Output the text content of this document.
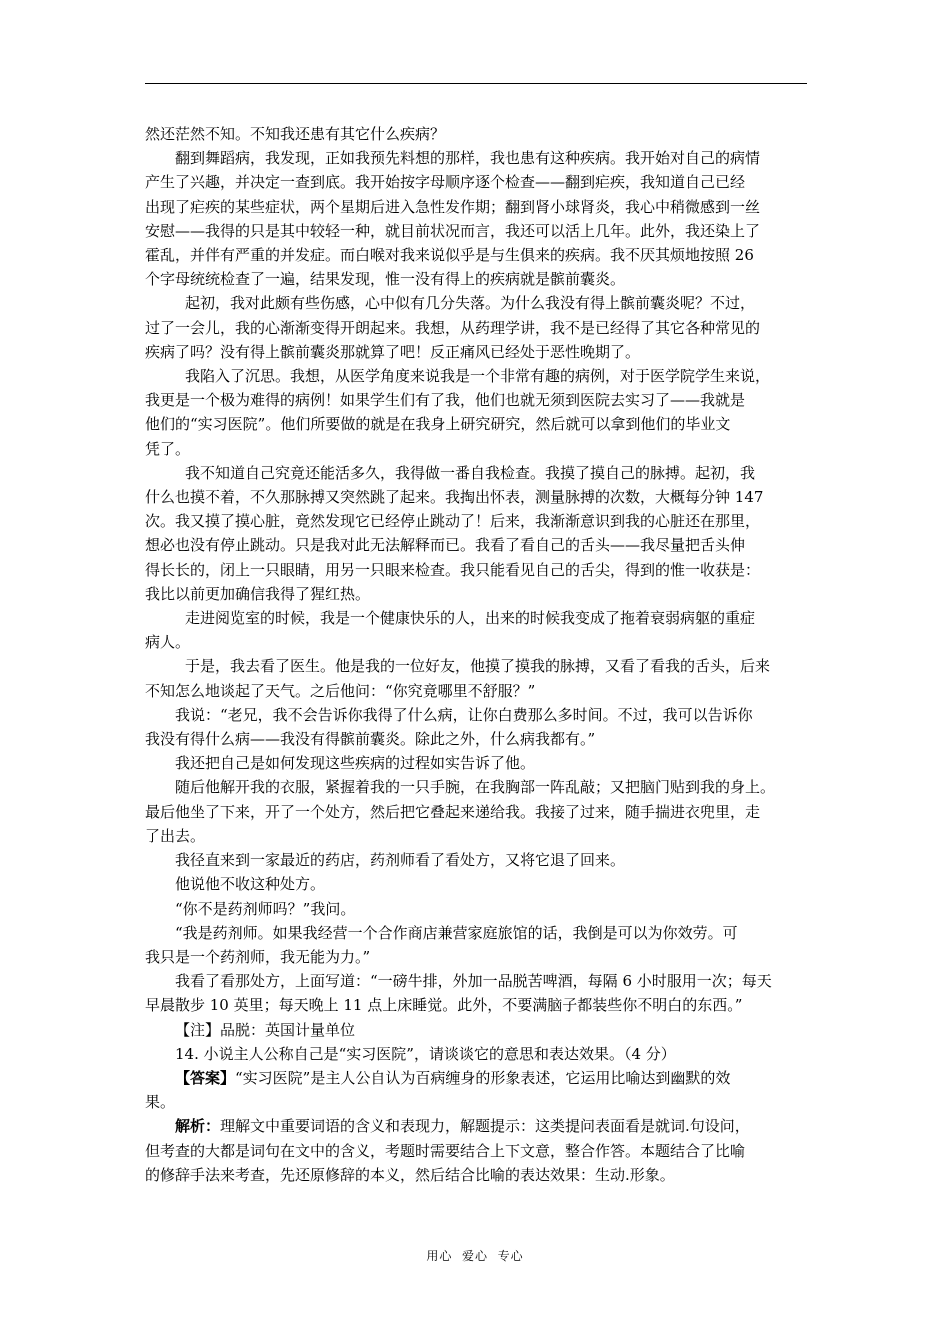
然还茫然不知。不知我还患有其它什么疾病？

翻到舞蹈病，我发现，正如我预先料想的那样，我也患有这种疾病。我开始对自己的病情

产生了兴趣，并决定一查到底。我开始按字母顺序逐个检查——翻到疟疾，我知道自己已经

出现了疟疾的某些症状，两个星期后进入急性发作期；翻到肾小球肾炎，我心中稍微感到一丝

安慰——我得的只是其中较轻一种，就目前状况而言，我还可以活上几年。此外，我还染上了

霍乱，并伴有严重的并发症。而白喉对我来说似乎是与生俱来的疾病。我不厌其烦地按照 26

个字母统统检查了一遍，结果发现，惟一没有得上的疾病就是髌前囊炎。

起初，我对此颇有些伤感，心中似有几分失落。为什么我没有得上髌前囊炎呢？不过，

过了一会儿，我的心渐渐变得开朗起来。我想，从药理学讲，我不是已经得了其它各种常见的

疾病了吗？没有得上髌前囊炎那就算了吧！反正痛风已经处于恶性晚期了。

我陷入了沉思。我想，从医学角度来说我是一个非常有趣的病例，对于医学院学生来说，

我更是一个极为难得的病例！如果学生们有了我，他们也就无须到医院去实习了——我就是

他们的“实习医院”。他们所要做的就是在我身上研究研究，然后就可以拿到他们的毕业文

凭了。

我不知道自己究竟还能活多久，我得做一番自我检查。我摸了摸自己的脉搏。起初，我

什么也摸不着，不久那脉搏又突然跳了起来。我掏出怀表，测量脉搏的次数，大概每分钟 147

次。我又摸了摸心脏，竟然发现它已经停止跳动了！后来，我渐渐意识到我的心脏还在那里，

想必也没有停止跳动。只是我对此无法解释而已。我看了看自己的舌头——我尽量把舌头伸

得长长的，闭上一只眼睛，用另一只眼来检查。我只能看见自己的舌尖，得到的惟一收获是：

我比以前更加确信我得了猩红热。

走进阅览室的时候，我是一个健康快乐的人，出来的时候我变成了拖着衰弱病躯的重症

病人。

于是，我去看了医生。他是我的一位好友，他摸了摸我的脉搏，又看了看我的舌头，后来

不知怎么地谈起了天气。之后他问：“你究竟哪里不舒服？”

我说：“老兄，我不会告诉你我得了什么病，让你白费那么多时间。不过，我可以告诉你

我没有得什么病——我没有得髌前囊炎。除此之外，什么病我都有。”

我还把自己是如何发现这些疾病的过程如实告诉了他。

随后他解开我的衣服，紧握着我的一只手腕，在我胸部一阵乱敲；又把脑门贴到我的身上。

最后他坐了下来，开了一个处方，然后把它叠起来递给我。我接了过来，随手揣进衣兜里，走

了出去。

我径直来到一家最近的药店，药剂师看了看处方，又将它退了回来。

他说他不收这种处方。

“你不是药剂师吗？”我问。

“我是药剂师。如果我经营一个合作商店兼营家庭旅馆的话，我倒是可以为你效劳。可

我只是一个药剂师，我无能为力。”

我看了看那处方，上面写道：“一磅牛排，外加一品脱苦啤酒，每隔 6 小时服用一次；每天

早晨散步 10 英里；每天晚上 11 点上床睡觉。此外，不要满脑子都装些你不明白的东西。”

【注】品脱：英国计量单位

14. 小说主人公称自己是“实习医院”，请谈谈它的意思和表达效果。（4 分）

【答案】“实习医院”是主人公自认为百病缠身的形象表述，它运用比喻达到幽默的效

果。

解析：理解文中重要词语的含义和表现力，解题提示：这类提问表面看是就词.句设问，

但考查的大都是词句在文中的含义，考题时需要结合上下文意，整合作答。本题结合了比喻

的修辞手法来考查，先还原修辞的本义，然后结合比喻的表达效果：生动.形象。

用心  爱心  专心
